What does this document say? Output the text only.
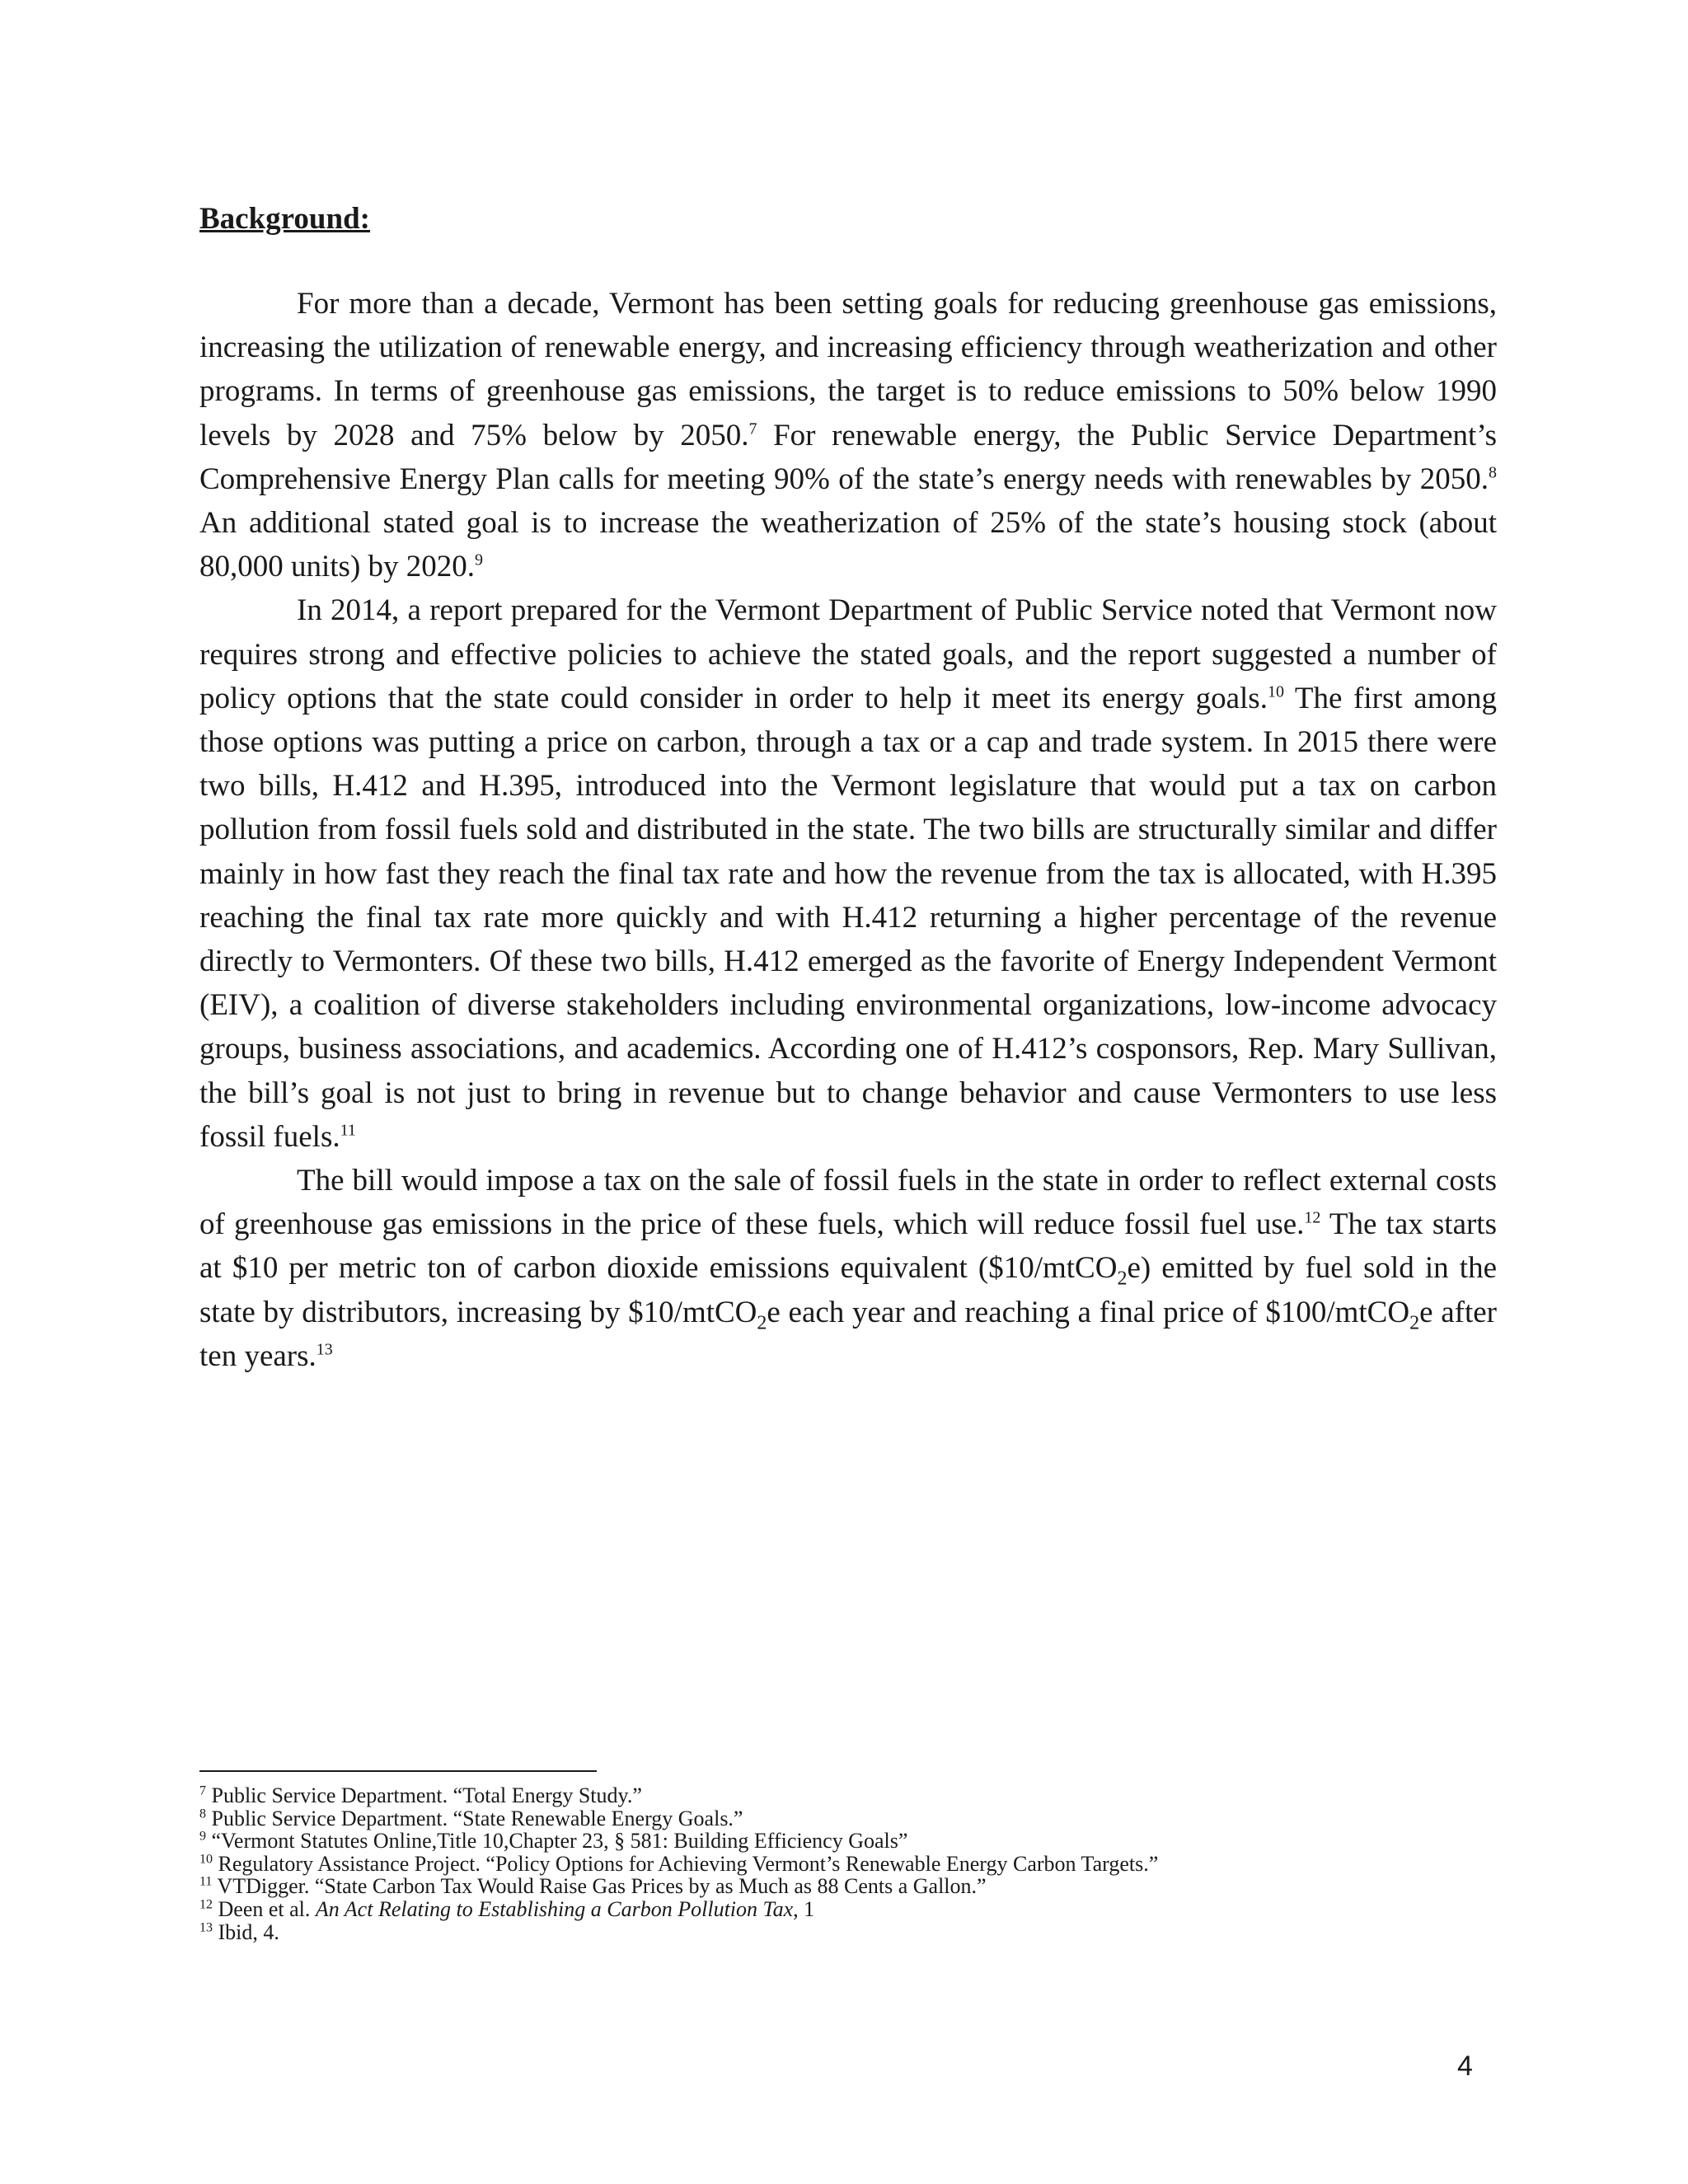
Background:

For more than a decade, Vermont has been setting goals for reducing greenhouse gas emissions, increasing the utilization of renewable energy, and increasing efficiency through weatherization and other programs. In terms of greenhouse gas emissions, the target is to reduce emissions to 50% below 1990 levels by 2028 and 75% below by 2050.$^7$ For renewable energy, the Public Service Department’s Comprehensive Energy Plan calls for meeting 90% of the state’s energy needs with renewables by 2050.$^8$ An additional stated goal is to increase the weatherization of 25% of the state’s housing stock (about 80,000 units) by 2020.$^9$

In 2014, a report prepared for the Vermont Department of Public Service noted that Vermont now requires strong and effective policies to achieve the stated goals, and the report suggested a number of policy options that the state could consider in order to help it meet its energy goals.$^{10}$ The first among those options was putting a price on carbon, through a tax or a cap and trade system. In 2015 there were two bills, H.412 and H.395, introduced into the Vermont legislature that would put a tax on carbon pollution from fossil fuels sold and distributed in the state. The two bills are structurally similar and differ mainly in how fast they reach the final tax rate and how the revenue from the tax is allocated, with H.395 reaching the final tax rate more quickly and with H.412 returning a higher percentage of the revenue directly to Vermonters. Of these two bills, H.412 emerged as the favorite of Energy Independent Vermont (EIV), a coalition of diverse stakeholders including environmental organizations, low-income advocacy groups, business associations, and academics. According one of H.412’s cosponsors, Rep. Mary Sullivan, the bill’s goal is not just to bring in revenue but to change behavior and cause Vermonters to use less fossil fuels.$^{11}$

The bill would impose a tax on the sale of fossil fuels in the state in order to reflect external costs of greenhouse gas emissions in the price of these fuels, which will reduce fossil fuel use.$^{12}$ The tax starts at $10 per metric ton of carbon dioxide emissions equivalent ($10/mtCO$_2$e) emitted by fuel sold in the state by distributors, increasing by $10/mtCO$_2$e each year and reaching a final price of $100/mtCO$_2$e after ten years.$^{13}$

$^7$ Public Service Department. “Total Energy Study.”

$^8$ Public Service Department. “State Renewable Energy Goals.”

$^9$ “Vermont Statutes Online,Title 10,Chapter 23, § 581: Building Efficiency Goals”

$^{10}$ Regulatory Assistance Project. “Policy Options for Achieving Vermont’s Renewable Energy Carbon Targets.”

$^{11}$ VTDigger. “State Carbon Tax Would Raise Gas Prices by as Much as 88 Cents a Gallon.”

$^{12}$ Deen et al. An Act Relating to Establishing a Carbon Pollution Tax, 1

$^{13}$ Ibid, 4.

4
